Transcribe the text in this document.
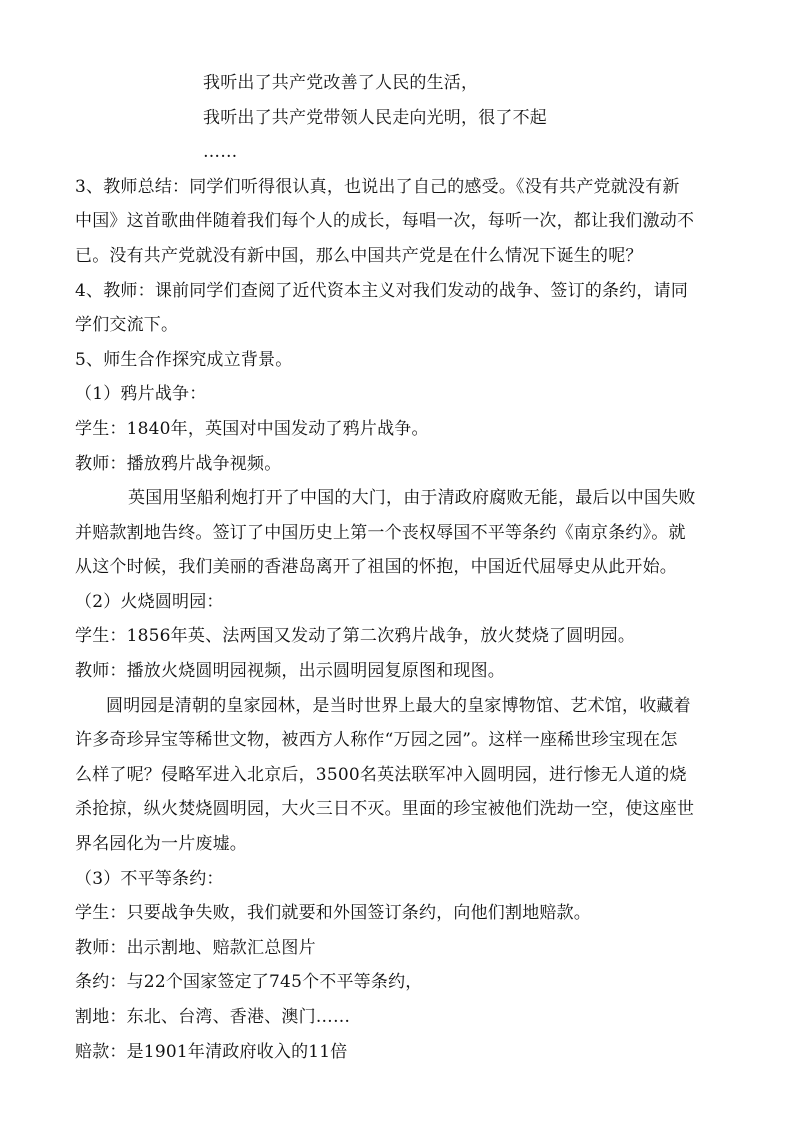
我听出了共产党改善了人民的生活，
我听出了共产党带领人民走向光明，很了不起
……
3、教师总结：同学们听得很认真，也说出了自己的感受。《没有共产党就没有新
中国》这首歌曲伴随着我们每个人的成长，每唱一次，每听一次，都让我们激动不
已。没有共产党就没有新中国，那么中国共产党是在什么情况下诞生的呢？
4、教师：课前同学们查阅了近代资本主义对我们发动的战争、签订的条约，请同
学们交流下。
5、师生合作探究成立背景。
（1）鸦片战争：
学生：1840年，英国对中国发动了鸦片战争。
教师：播放鸦片战争视频。
英国用坚船利炮打开了中国的大门，由于清政府腐败无能，最后以中国失败
并赔款割地告终。签订了中国历史上第一个丧权辱国不平等条约《南京条约》。就
从这个时候，我们美丽的香港岛离开了祖国的怀抱，中国近代屈辱史从此开始。
（2）火烧圆明园：
学生：1856年英、法两国又发动了第二次鸦片战争，放火焚烧了圆明园。
教师：播放火烧圆明园视频，出示圆明园复原图和现图。
圆明园是清朝的皇家园林，是当时世界上最大的皇家博物馆、艺术馆，收藏着
许多奇珍异宝等稀世文物，被西方人称作“万园之园”。这样一座稀世珍宝现在怎
么样了呢？侵略军进入北京后，3500名英法联军冲入圆明园，进行惨无人道的烧
杀抢掠，纵火焚烧圆明园，大火三日不灭。里面的珍宝被他们洗劫一空，使这座世
界名园化为一片废墟。
（3）不平等条约：
学生：只要战争失败，我们就要和外国签订条约，向他们割地赔款。
教师：出示割地、赔款汇总图片
条约：与22个国家签定了745个不平等条约，
割地：东北、台湾、香港、澳门……
赔款：是1901年清政府收入的11倍
